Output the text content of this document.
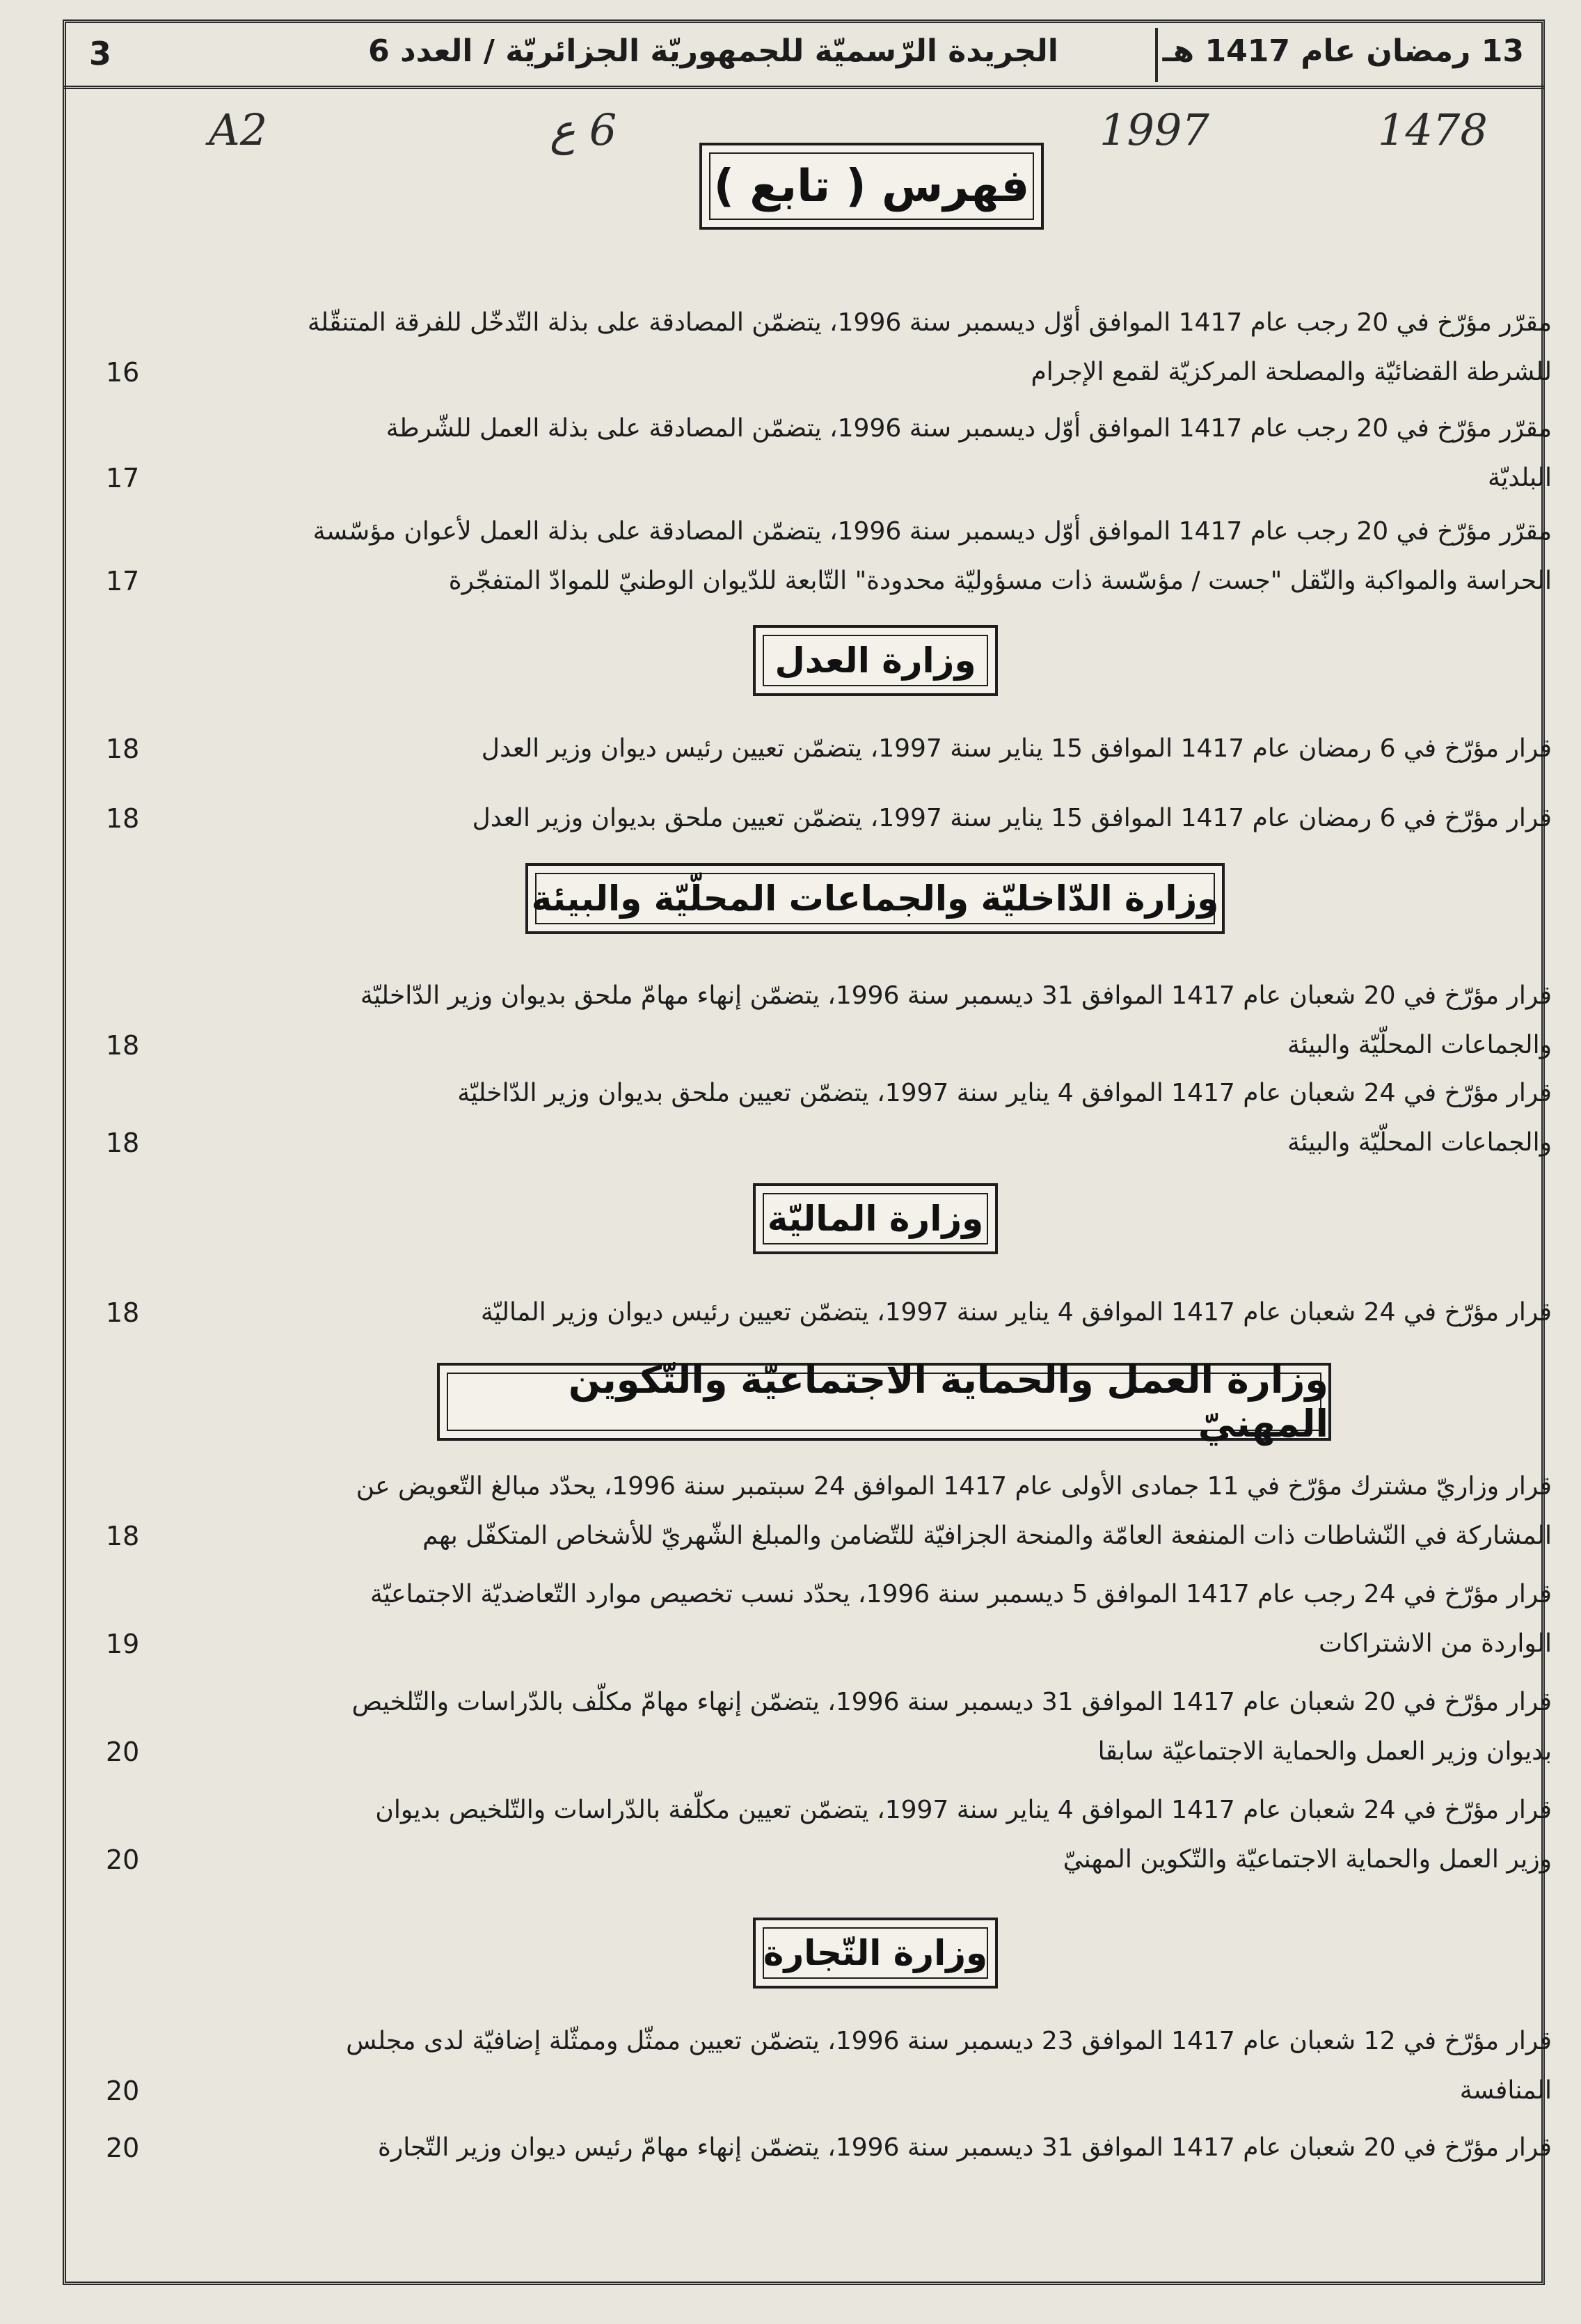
3	الجريدة الرّسميّة للجمهوريّة الجزائريّة / العدد 6	13 رمضان عام 1417 هـ
A2	6 ع	1997	1478
فهرس ( تابع )
مقرّر مؤرّخ في 20 رجب عام 1417 الموافق أوّل ديسمبر سنة 1996، يتضمّن المصادقة على بذلة التّدخّل للفرقة المتنقّلة
للشرطة القضائيّة والمصلحة المركزيّة لقمع الإجرام
16
مقرّر مؤرّخ في 20 رجب عام 1417 الموافق أوّل ديسمبر سنة 1996، يتضمّن المصادقة على بذلة العمل للشّرطة
البلديّة
17
مقرّر مؤرّخ في 20 رجب عام 1417 الموافق أوّل ديسمبر سنة 1996، يتضمّن المصادقة على بذلة العمل لأعوان مؤسّسة
الحراسة والمواكبة والنّقل "جست / مؤسّسة ذات مسؤوليّة محدودة" التّابعة للدّيوان الوطنيّ للموادّ المتفجّرة
17
وزارة العدل
قرار مؤرّخ في 6 رمضان عام 1417 الموافق 15 يناير سنة 1997، يتضمّن تعيين رئيس ديوان وزير العدل
18
قرار مؤرّخ في 6 رمضان عام 1417 الموافق 15 يناير سنة 1997، يتضمّن تعيين ملحق بديوان وزير العدل
18
وزارة الدّاخليّة والجماعات المحلّيّة والبيئة
قرار مؤرّخ في 20 شعبان عام 1417 الموافق 31 ديسمبر سنة 1996، يتضمّن إنهاء مهامّ ملحق بديوان وزير الدّاخليّة
والجماعات المحلّيّة والبيئة
18
قرار مؤرّخ في 24 شعبان عام 1417 الموافق 4 يناير سنة 1997، يتضمّن تعيين ملحق بديوان وزير الدّاخليّة
والجماعات المحلّيّة والبيئة
18
وزارة الماليّة
قرار مؤرّخ في 24 شعبان عام 1417 الموافق 4 يناير سنة 1997، يتضمّن تعيين رئيس ديوان وزير الماليّة
18
وزارة العمل والحماية الاجتماعيّة والتّكوين المهنيّ
قرار وزاريّ مشترك مؤرّخ في 11 جمادى الأولى عام 1417 الموافق 24 سبتمبر سنة 1996، يحدّد مبالغ التّعويض عن
المشاركة في النّشاطات ذات المنفعة العامّة والمنحة الجزافيّة للتّضامن والمبلغ الشّهريّ للأشخاص المتكفّل بهم
18
قرار مؤرّخ في 24 رجب عام 1417 الموافق 5 ديسمبر سنة 1996، يحدّد نسب تخصيص موارد التّعاضديّة الاجتماعيّة
الواردة من الاشتراكات
19
قرار مؤرّخ في 20 شعبان عام 1417 الموافق 31 ديسمبر سنة 1996، يتضمّن إنهاء مهامّ مكلّف بالدّراسات والتّلخيص
بديوان وزير العمل والحماية الاجتماعيّة سابقا
20
قرار مؤرّخ في 24 شعبان عام 1417 الموافق 4 يناير سنة 1997، يتضمّن تعيين مكلّفة بالدّراسات والتّلخيص بديوان
وزير العمل والحماية الاجتماعيّة والتّكوين المهنيّ
20
وزارة التّجارة
قرار مؤرّخ في 12 شعبان عام 1417 الموافق 23 ديسمبر سنة 1996، يتضمّن تعيين ممثّل وممثّلة إضافيّة لدى مجلس
المنافسة
20
قرار مؤرّخ في 20 شعبان عام 1417 الموافق 31 ديسمبر سنة 1996، يتضمّن إنهاء مهامّ رئيس ديوان وزير التّجارة
20
